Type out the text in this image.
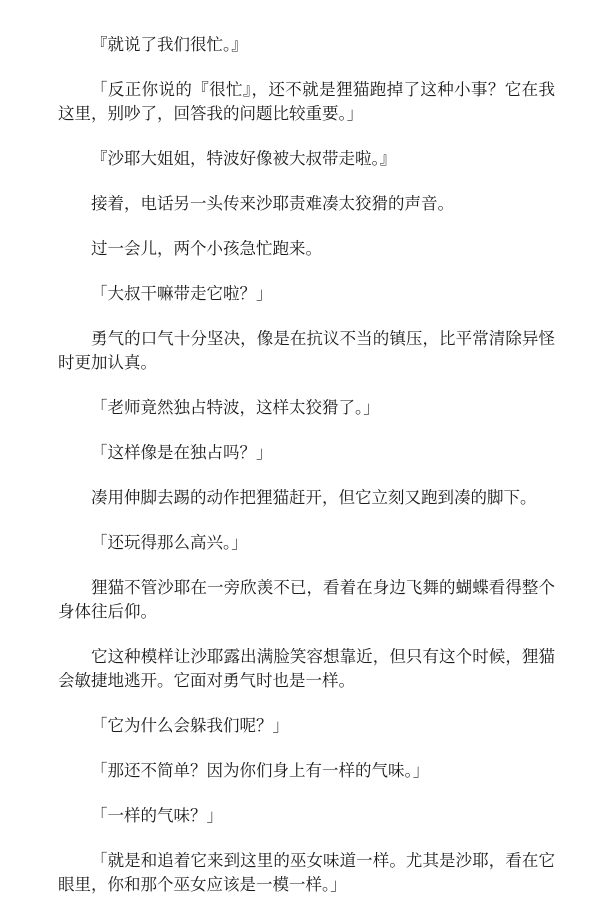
『就说了我们很忙。』

「反正你说的『很忙』，还不就是狸猫跑掉了这种小事？它在我这里，别吵了，回答我的问题比较重要。」

『沙耶大姐姐，特波好像被大叔带走啦。』

接着，电话另一头传来沙耶责难凑太狡猾的声音。

过一会儿，两个小孩急忙跑来。

「大叔干嘛带走它啦？」

勇气的口气十分坚决，像是在抗议不当的镇压，比平常清除异怪时更加认真。

「老师竟然独占特波，这样太狡猾了。」

「这样像是在独占吗？」

凑用伸脚去踢的动作把狸猫赶开，但它立刻又跑到凑的脚下。

「还玩得那么高兴。」

狸猫不管沙耶在一旁欣羡不已，看着在身边飞舞的蝴蝶看得整个身体往后仰。

它这种模样让沙耶露出满脸笑容想靠近，但只有这个时候，狸猫会敏捷地逃开。它面对勇气时也是一样。

「它为什么会躲我们呢？」

「那还不简单？因为你们身上有一样的气味。」

「一样的气味？」

「就是和追着它来到这里的巫女味道一样。尤其是沙耶，看在它眼里，你和那个巫女应该是一模一样。」
